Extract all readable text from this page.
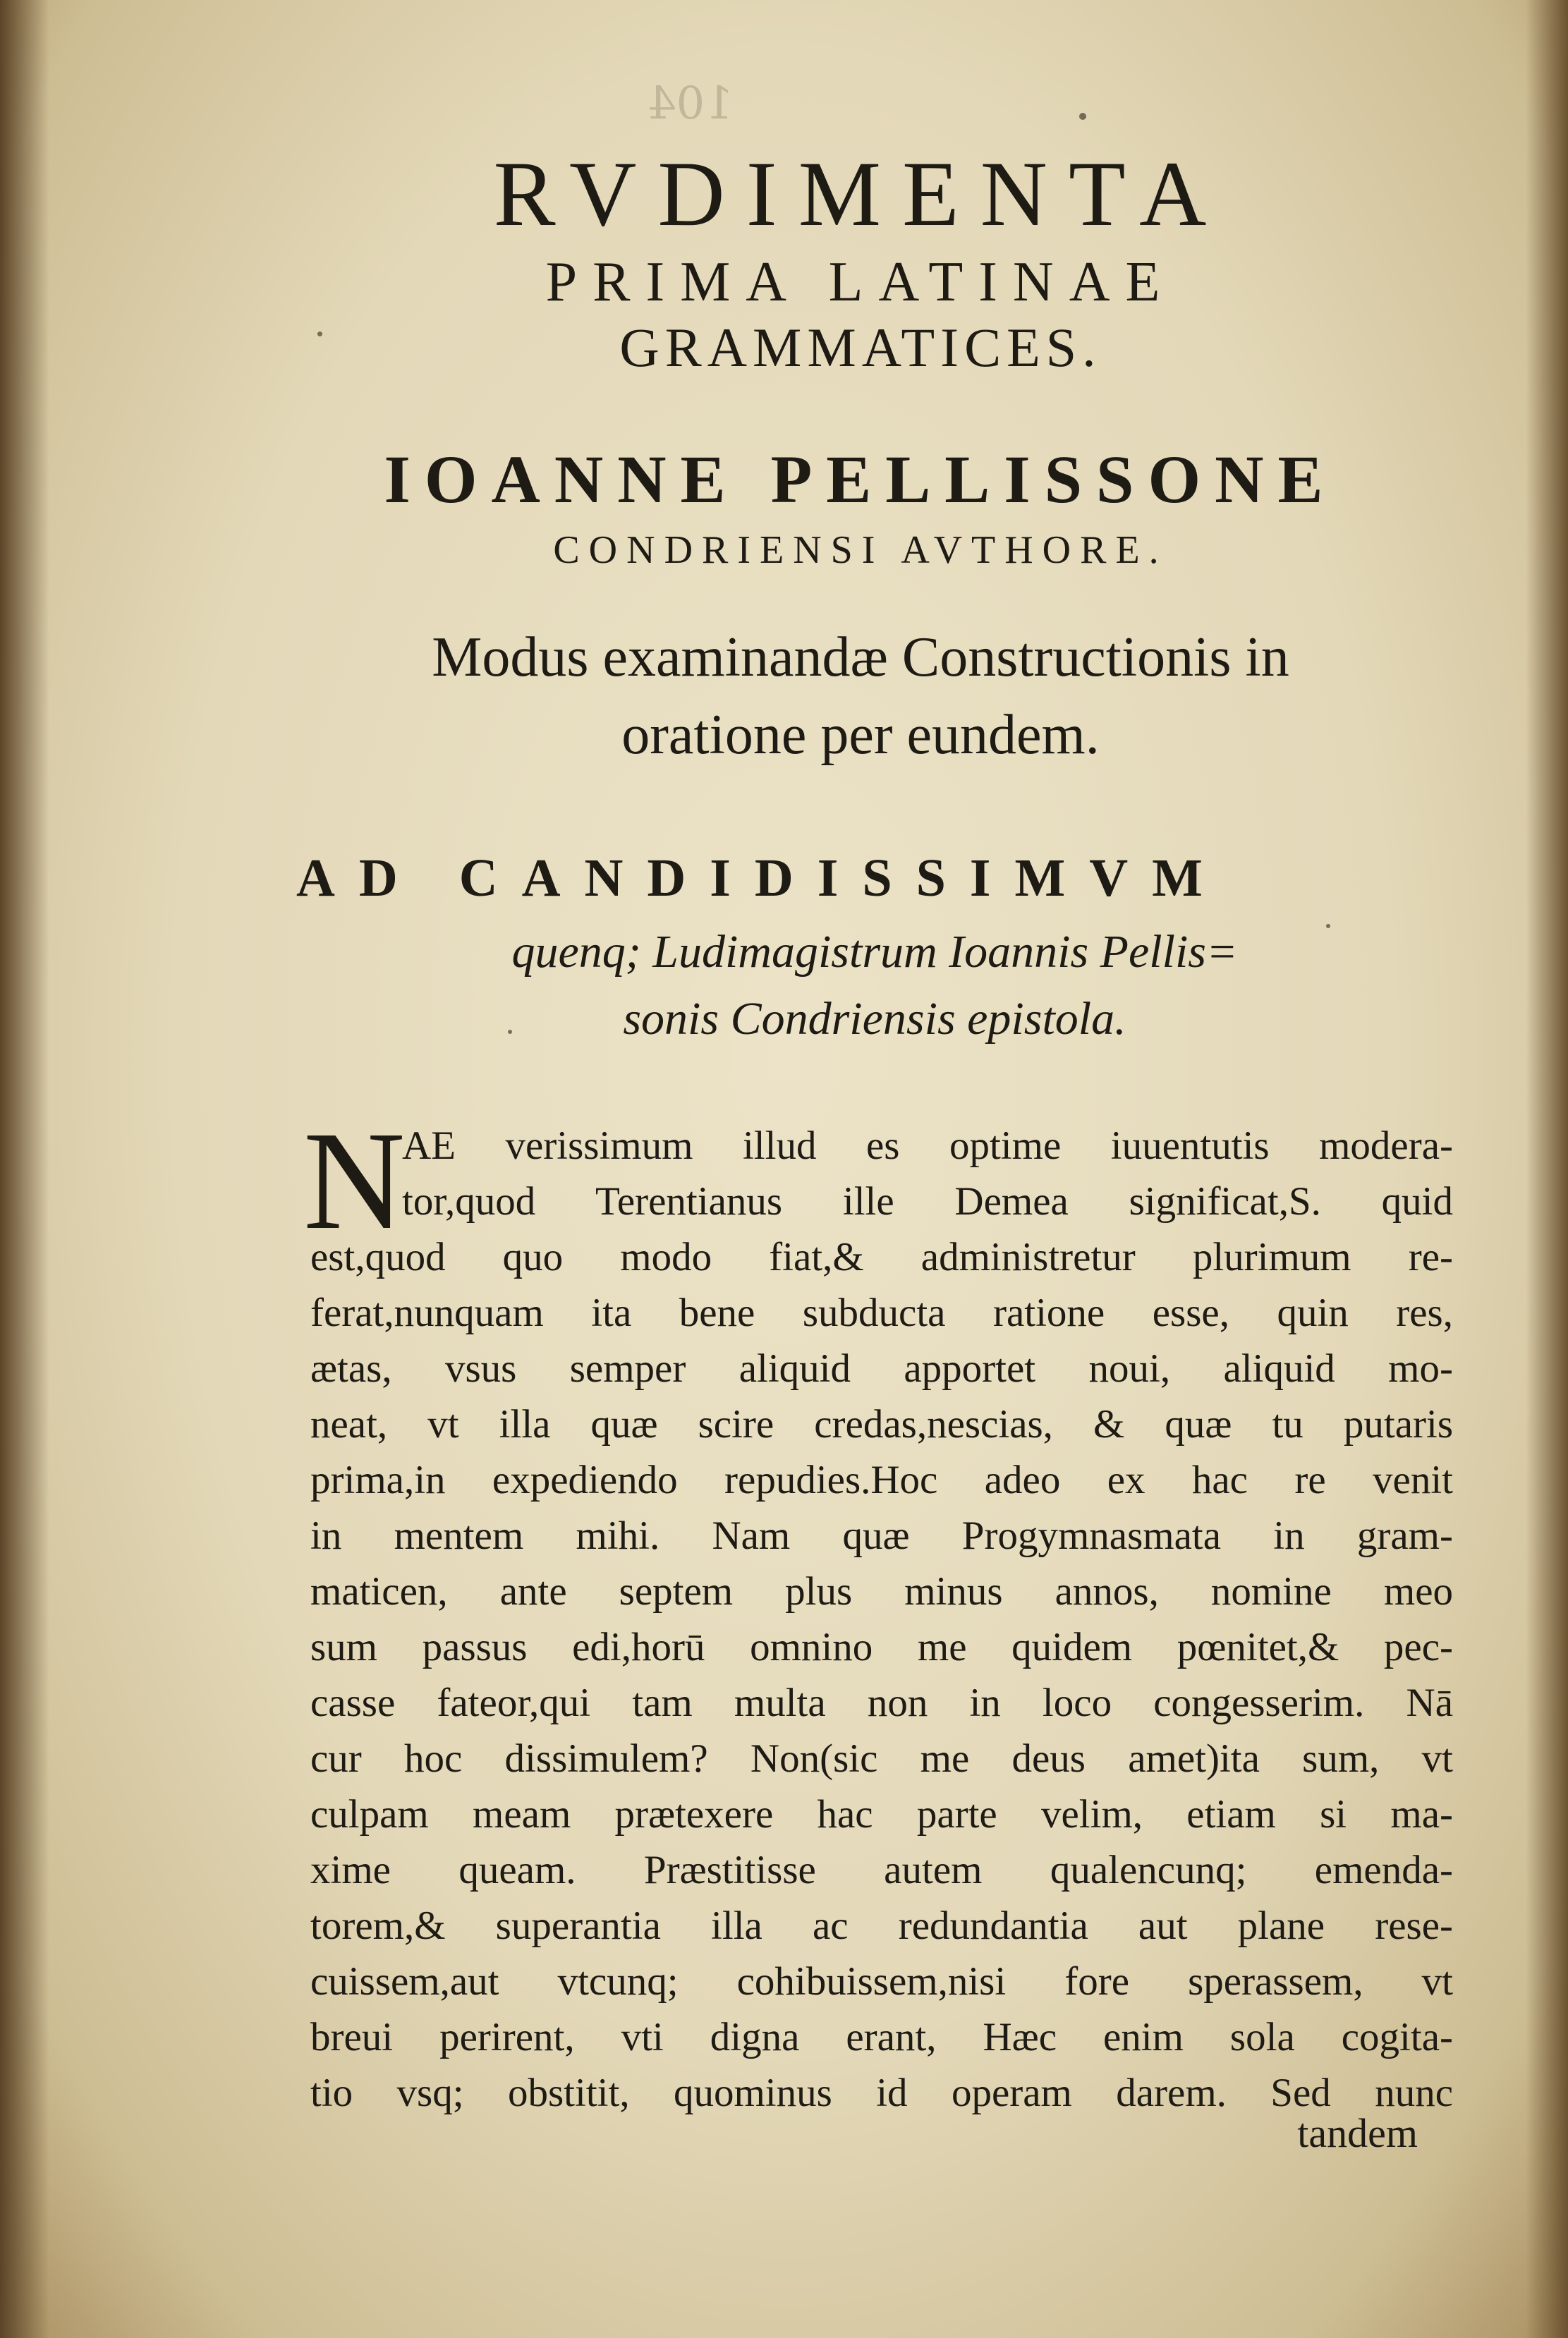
104
RVDIMENTA
PRIMA LATINAE
GRAMMATICES.
IOANNE PELLISSONE
CONDRIENSI AVTHORE.
Modus examinandæ Constructionis in
oratione per eundem.
AD CANDIDISSIMVM
quenq; Ludimagistrum Ioannis Pellis=
sonis Condriensis epistola.
N
AE verissimum illud es optime iuuentutis modera-
tor,quod Terentianus ille Demea significat,S. quid
est,quod quo modo fiat,& administretur plurimum re-
ferat,nunquam ita bene subducta ratione esse, quin res,
ætas, vsus semper aliquid apportet noui, aliquid mo-
neat, vt illa quæ scire credas,nescias, & quæ tu putaris
prima,in expediendo repudies.Hoc adeo ex hac re venit
in mentem mihi. Nam quæ Progymnasmata in gram-
maticen, ante septem plus minus annos, nomine meo
sum passus edi,horū omnino me quidem pœnitet,& pec-
casse fateor,qui tam multa non in loco congesserim. Nā
cur hoc dissimulem? Non(sic me deus amet)ita sum, vt
culpam meam prætexere hac parte velim, etiam si ma-
xime queam. Præstitisse autem qualencunq; emenda-
torem,& superantia illa ac redundantia aut plane rese-
cuissem,aut vtcunq; cohibuissem,nisi fore sperassem, vt
breui perirent, vti digna erant, Hæc enim sola cogita-
tio vsq; obstitit, quominus id operam darem. Sed nunc
tandem
